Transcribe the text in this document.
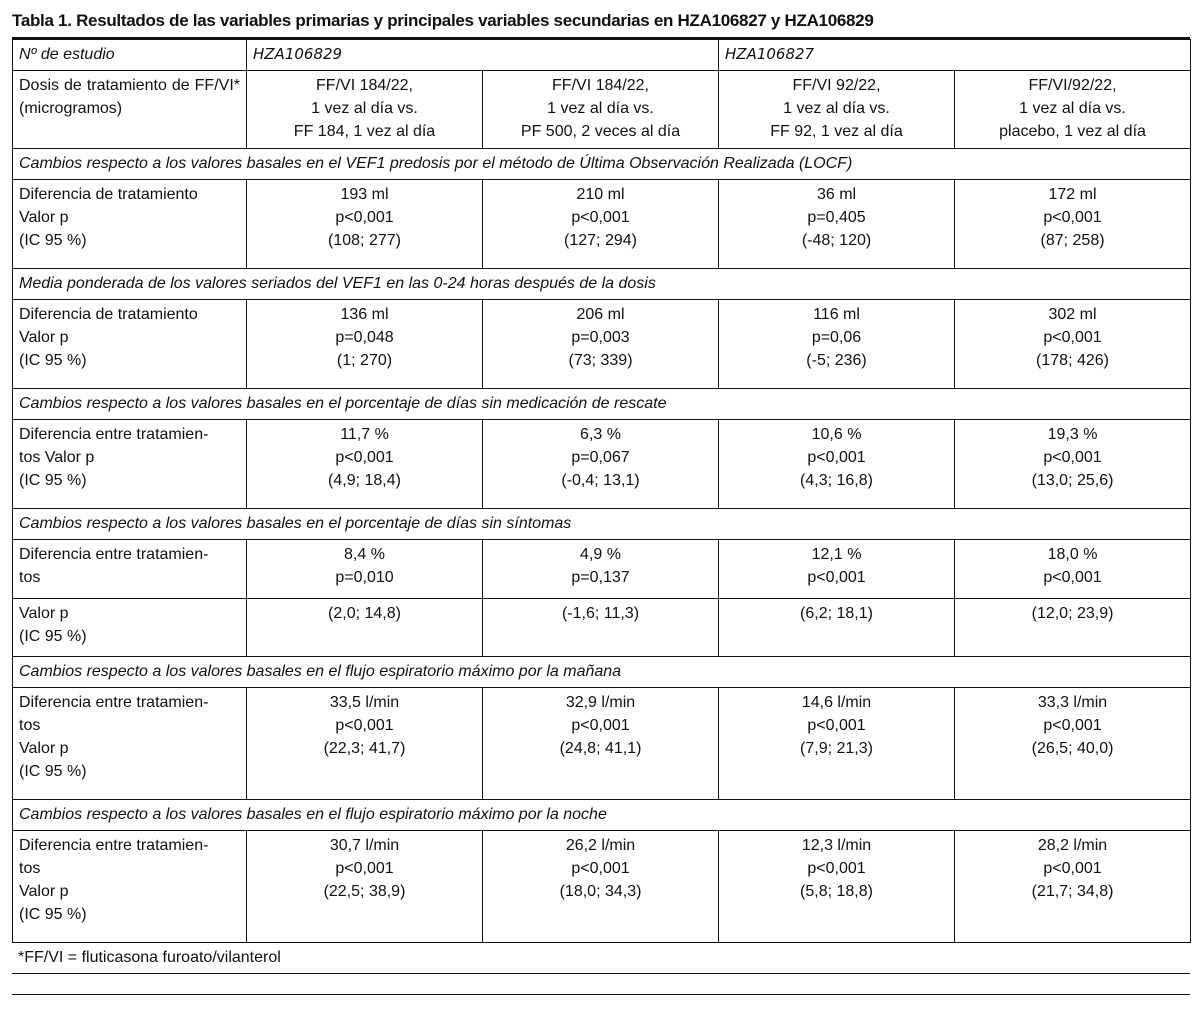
Tabla 1. Resultados de las variables primarias y principales variables secundarias en HZA106827 y HZA106829
Nº de estudio	HZA106829		HZA106827	
Dosis de tratamiento de FF/VI*(microgramos)	FF/VI 184/22,
1 vez al día vs.
FF 184, 1 vez al día	FF/VI 184/22,
1 vez al día vs.
PF 500, 2 veces al día	FF/VI 92/22,
1 vez al día vs.
FF 92, 1 vez al día	FF/VI/92/22,
1 vez al día vs.
placebo, 1 vez al día

Cambios respecto a los valores basales en el VEF1 predosis por el método de Última Observación Realizada (LOCF)				

Diferencia de tratamiento
Valor p
(IC 95 %)	193 ml
p<0,001
(108; 277)	210 ml
p<0,001
(127; 294)	36 ml
p=0,405
(-48; 120)	172 ml
p<0,001
(87; 258)

Media ponderada de los valores seriados del VEF1 en las 0-24 horas después de la dosis				

Diferencia de tratamiento
Valor p
(IC 95 %)	136 ml
p=0,048
(1; 270)	206 ml
p=0,003
(73; 339)	116 ml
p=0,06
(-5; 236)	302 ml
p<0,001
(178; 426)

Cambios respecto a los valores basales en el porcentaje de días sin medicación de rescate				

Diferencia entre tratamien-
tos Valor p
(IC 95 %)	11,7 %
p<0,001
(4,9; 18,4)	6,3 %
p=0,067
(-0,4; 13,1)	10,6 %
p<0,001
(4,3; 16,8)	19,3 %
p<0,001
(13,0; 25,6)

Cambios respecto a los valores basales en el porcentaje de días sin síntomas				

Diferencia entre tratamien-
tos	8,4 %
p=0,010	4,9 %
p=0,137	12,1 %
p<0,001	18,0 %
p<0,001

Valor p
(IC 95 %)	(2,0; 14,8)	(-1,6; 11,3)	(6,2; 18,1)	(12,0; 23,9)

Cambios respecto a los valores basales en el flujo espiratorio máximo por la mañana				

Diferencia entre tratamien-
tos
Valor p
(IC 95 %)	33,5 l/min
p<0,001
(22,3; 41,7)	32,9 l/min
p<0,001
(24,8; 41,1)	14,6 l/min
p<0,001
(7,9; 21,3)	33,3 l/min
p<0,001
(26,5; 40,0)

Cambios respecto a los valores basales en el flujo espiratorio máximo por la noche				

Diferencia entre tratamien-
tos
Valor p
(IC 95 %)	30,7 l/min
p<0,001
(22,5; 38,9)	26,2 l/min
p<0,001
(18,0; 34,3)	12,3 l/min
p<0,001
(5,8; 18,8)	28,2 l/min
p<0,001
(21,7; 34,8)
*FF/VI = fluticasona furoato/vilanterol
